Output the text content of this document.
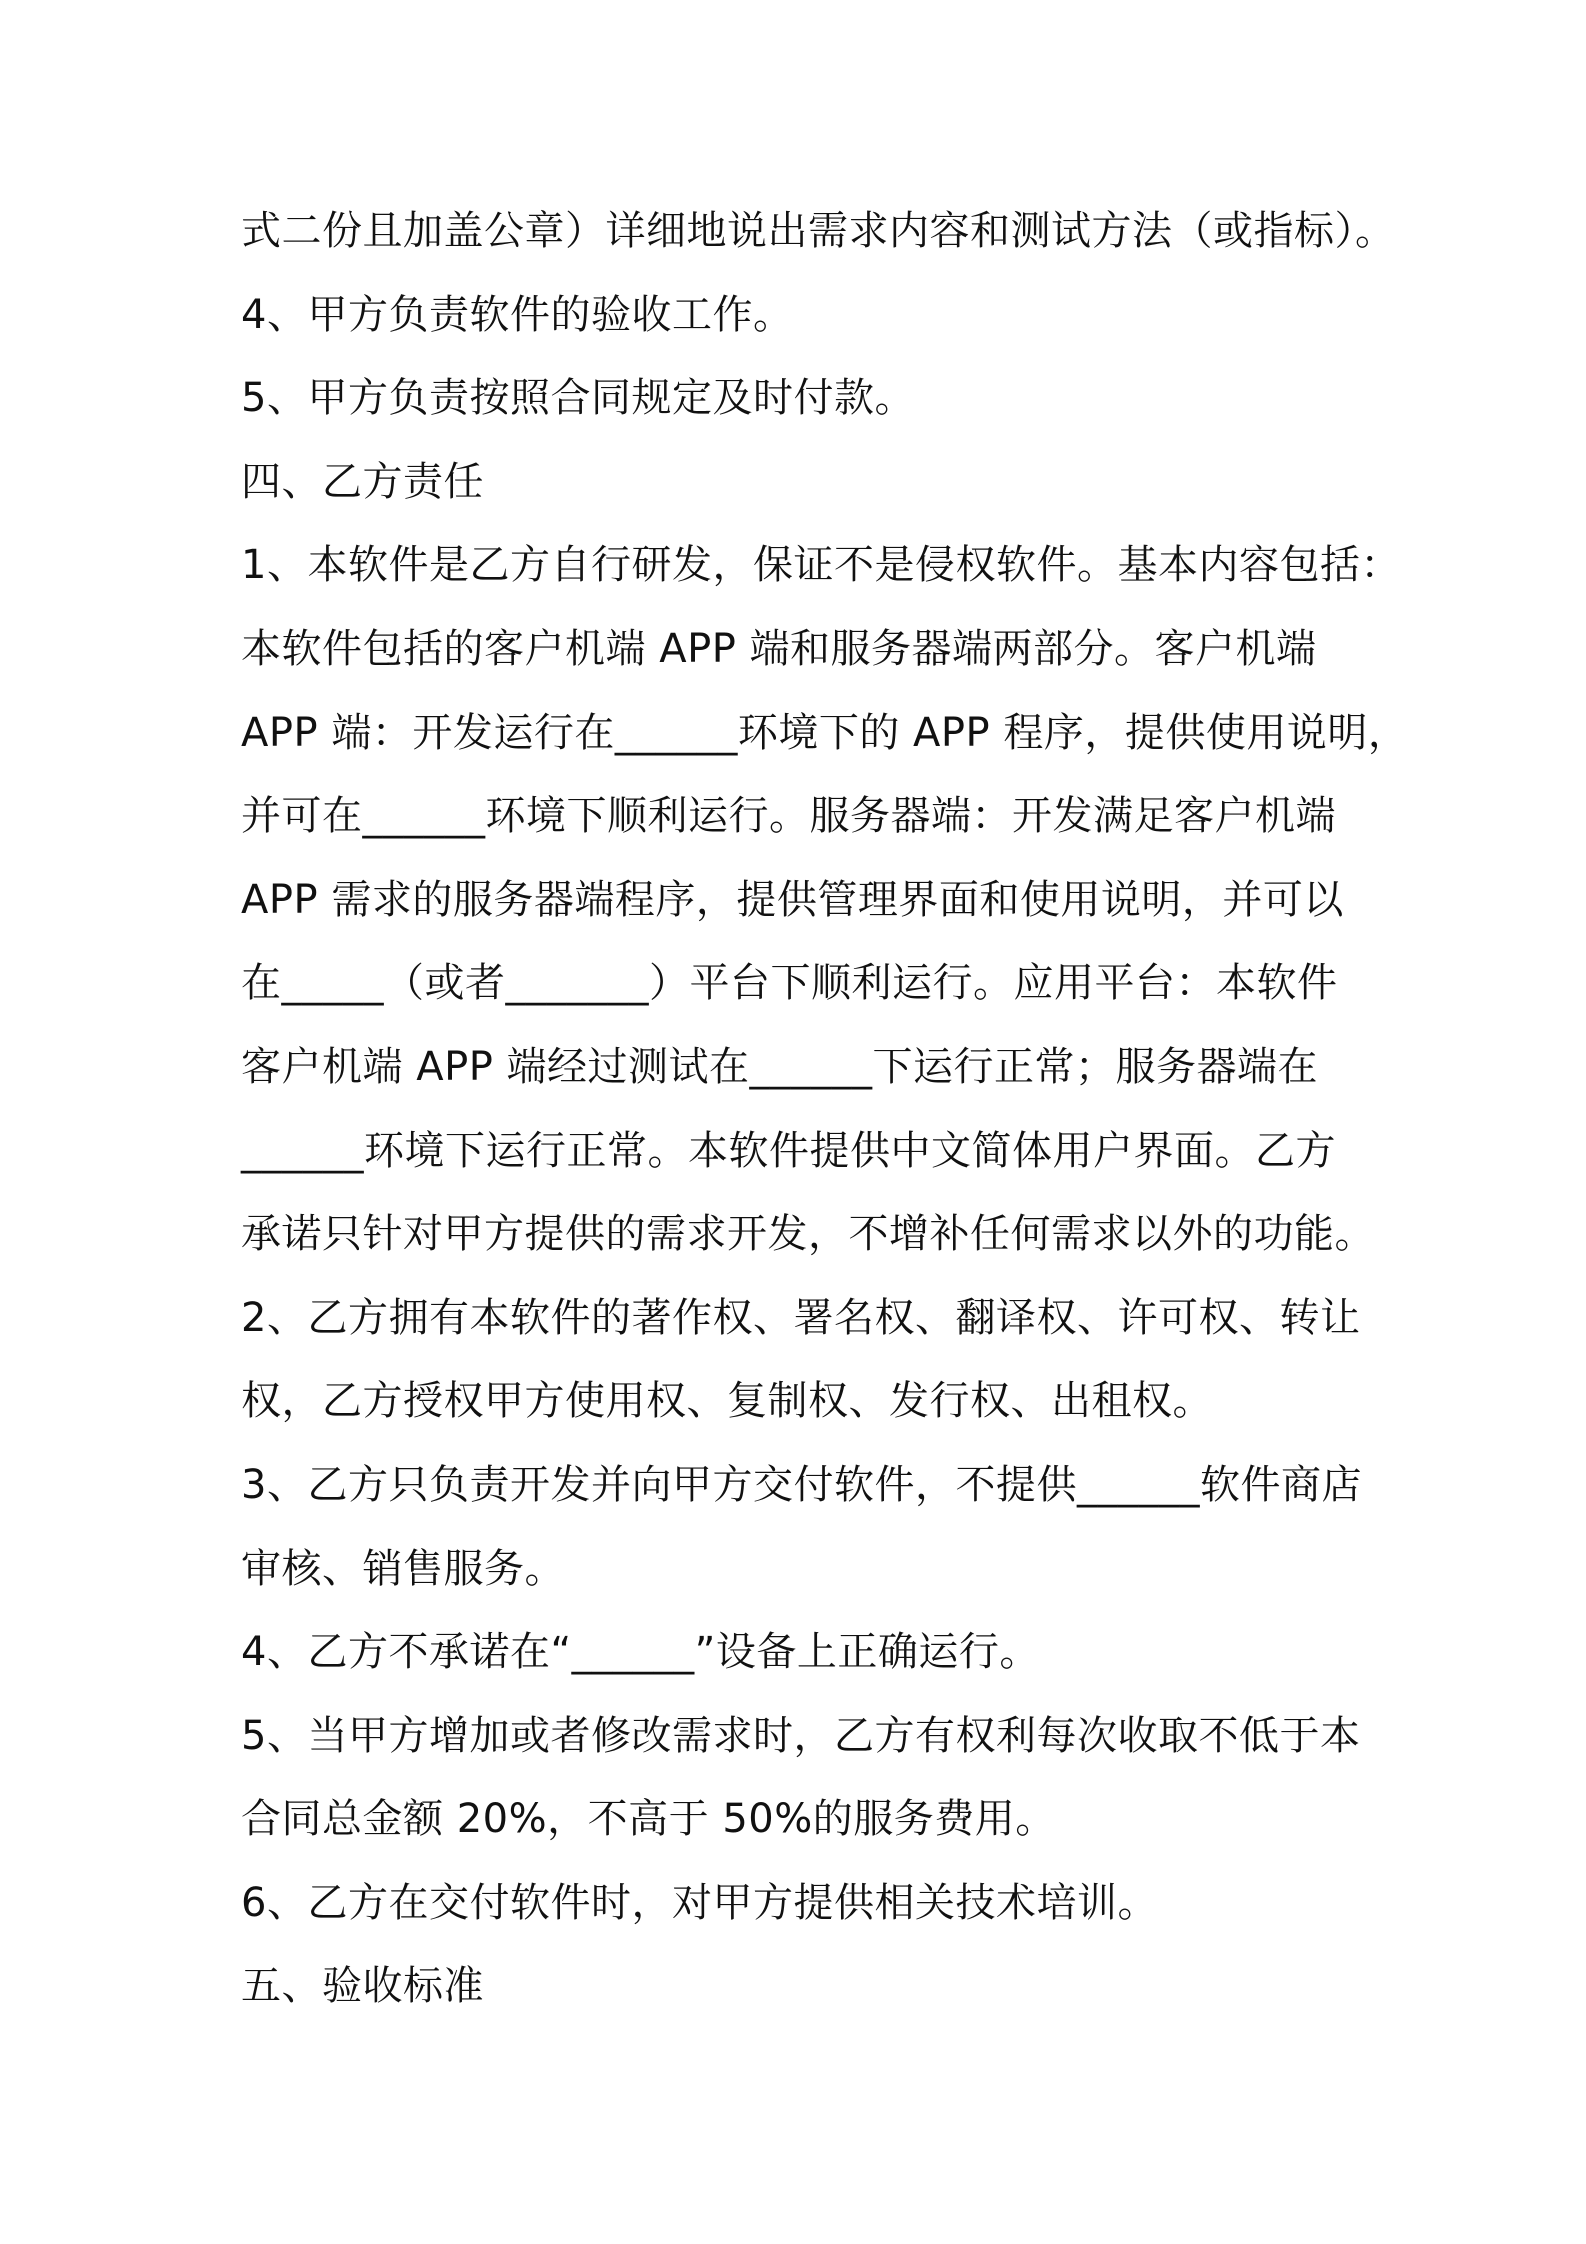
式二份且加盖公章）详细地说出需求内容和测试方法（或指标）。
4、甲方负责软件的验收工作。
5、甲方负责按照合同规定及时付款。
四、乙方责任
1、本软件是乙方自行研发，保证不是侵权软件。基本内容包括：
本软件包括的客户机端 APP 端和服务器端两部分。客户机端
APP 端：开发运行在______环境下的 APP 程序，提供使用说明，
并可在______环境下顺利运行。服务器端：开发满足客户机端
APP 需求的服务器端程序，提供管理界面和使用说明，并可以
在_____（或者_______）平台下顺利运行。应用平台：本软件
客户机端 APP 端经过测试在______下运行正常；服务器端在
______环境下运行正常。本软件提供中文简体用户界面。乙方
承诺只针对甲方提供的需求开发，不增补任何需求以外的功能。
2、乙方拥有本软件的著作权、署名权、翻译权、许可权、转让
权，乙方授权甲方使用权、复制权、发行权、出租权。
3、乙方只负责开发并向甲方交付软件，不提供______软件商店
审核、销售服务。
4、乙方不承诺在“______”设备上正确运行。
5、当甲方增加或者修改需求时，乙方有权利每次收取不低于本
合同总金额 20%，不高于 50%的服务费用。
6、乙方在交付软件时，对甲方提供相关技术培训。
五、验收标准
